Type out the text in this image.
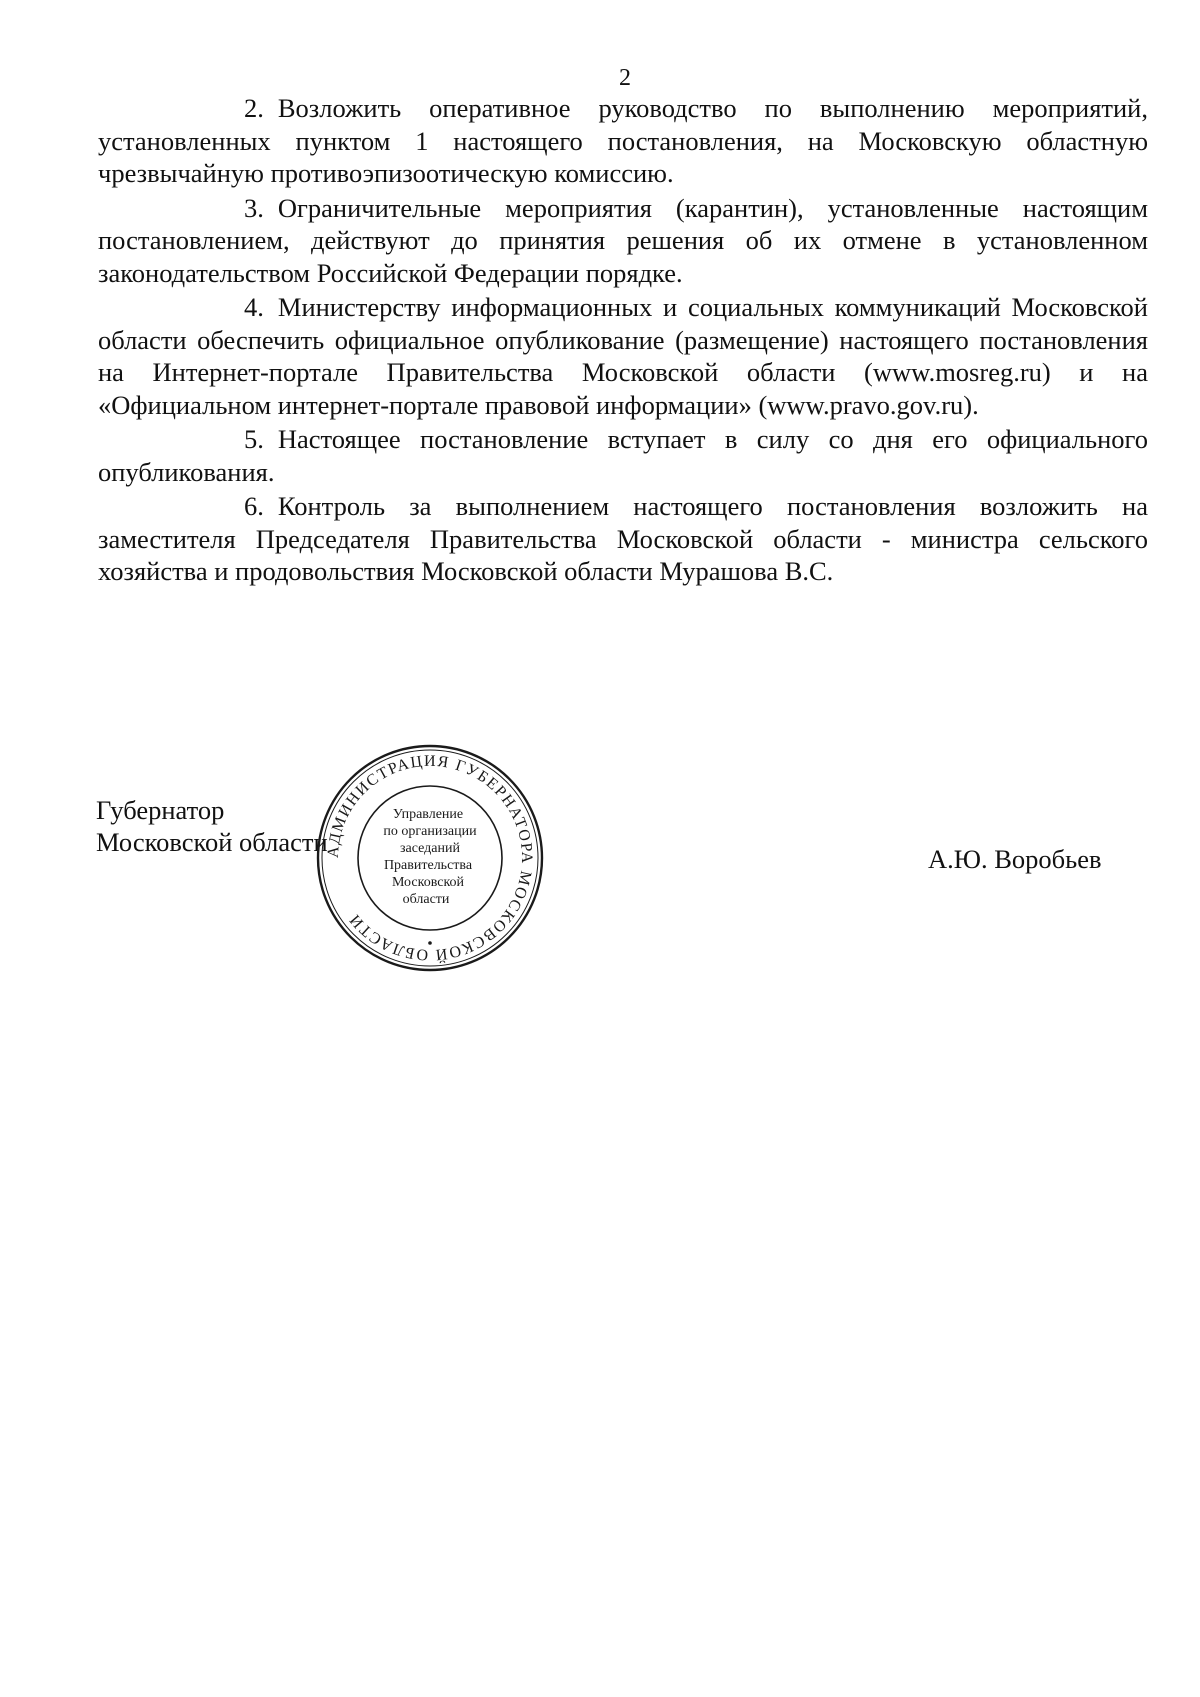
2

2. Возложить оперативное руководство по выполнению мероприятий, установленных пунктом 1 настоящего постановления, на Московскую областную чрезвычайную противоэпизоотическую комиссию.

3. Ограничительные мероприятия (карантин), установленные настоящим постановлением, действуют до принятия решения об их отмене в установленном законодательством Российской Федерации порядке.

4. Министерству информационных и социальных коммуникаций Московской области обеспечить официальное опубликование (размещение) настоящего постановления на Интернет-портале Правительства Московской области (www.mosreg.ru) и на «Официальном интернет-портале правовой информации» (www.pravo.gov.ru).

5. Настоящее постановление вступает в силу со дня его официального опубликования.

6. Контроль за выполнением настоящего постановления возложить на заместителя Председателя Правительства Московской области - министра сельского хозяйства и продовольствия Московской области Мурашова В.С.

Губернатор
Московской области
АДМИНИСТРАЦИЯ ГУБЕРНАТОРА МОСКОВСКОЙ ОБЛАСТИ
Управление
по организации
заседаний
Правительства
Московской
области
А.Ю. Воробьев
